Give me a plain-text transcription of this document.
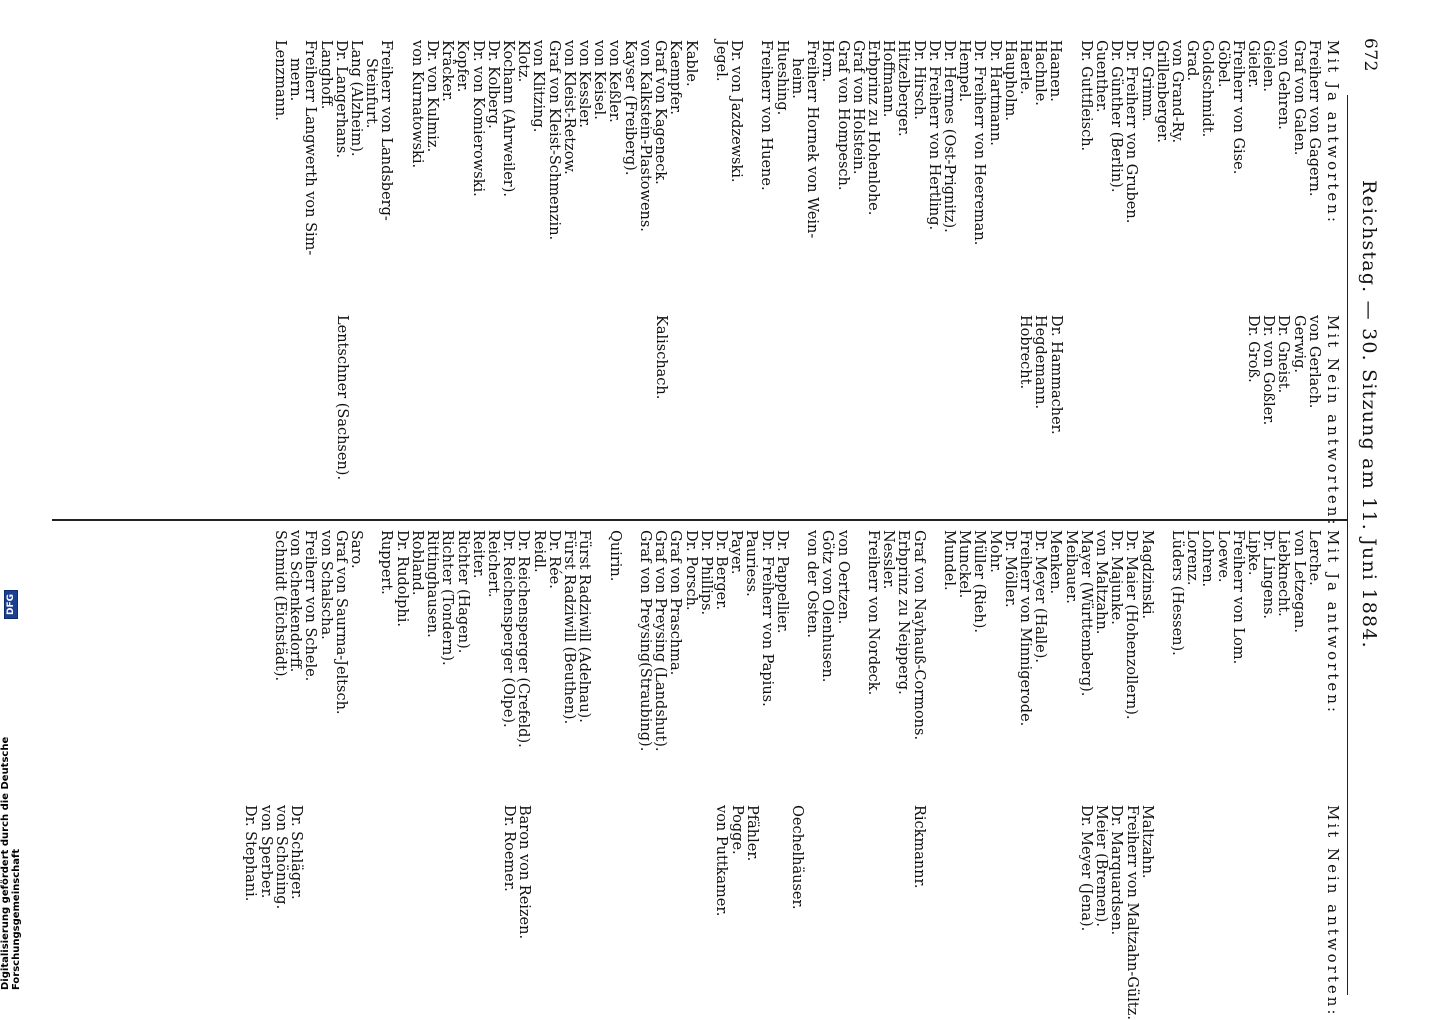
672
Reichstag. — 30. Sitzung am 11. Juni 1884.
Mit Ja antworten:
Freiherr von Gagern.
Graf von Galen.
von Gehren.
Gielen.
Gieler.
Freiherr von Gise.
Göbel.
Goldschmidt.
Grad.
von Grand-Ry.
Grillenberger.
Dr. Grimm.
Dr. Freiherr von Gruben.
Dr. Günther (Berlin).
Guenther.
Dr. Guttfleisch.
Haanen.
Hachnle.
Haerle.
Haupholm.
Dr. Hartmann.
Dr. Freiherr von Heereman.
Hempel.
Dr. Hermes (Ost-Prignitz).
Dr. Freiherr von Hertling.
Dr. Hirsch.
Hitzelberger.
Hoffmann.
Erbprinz zu Hohenlohe.
Graf von Holstein.
Graf von Hompesch.
Horn.
Freiherr Hornek von Wein-
heim.
Hueshing.
Freiherr von Huene.
Dr. von Jazdzewski.
Jegel.
Kable.
Kaempfer.
Graf von Kageneck.
von Kalkstein-Plastowens.
Kayser (Freiberg).
von Keßler.
von Keisel.
von Kessler.
von Kleist-Retzow.
Graf von Kleist-Schmenzin.
von Klitzing.
Klotz.
Kochann (Ahrweiler).
Dr. Kolberg.
Dr. von Komierowski.
Kopfer.
Kräcker.
Dr. von Kulmiz.
von Kurnatowski.
Freiherr von Landsberg-
Steinfurt.
Lang (Alzheim).
Dr. Langerhans.
Langhoff.
Freiherr Langwerth von Sim-
mern.
Lenzmann.
Mit Nein antworten:
von Gerlach.
Gerwig.
Dr. Gneist.
Dr. von Goßler.
Dr. Groß.
Dr. Hammacher.
Hegdemann.
Hobrecht.
Kalischach.
Lentschner (Sachsen).
Mit Ja antworten:
Lerche.
von Letzegan.
Liebknecht.
Dr. Lingens.
Lipke.
Freiherr von Lom.
Loewe.
Lohren.
Lorenz.
Lüders (Hessen).
Magdzinski.
Dr. Maier (Hohenzollern).
Dr. Majunke.
von Maltzahn.
Mayer (Württemberg).
Meibauer.
Menken.
Dr. Meyer (Halle).
Freiherr von Minnigerode.
Dr. Möller.
Mohr.
Müller (Rieh).
Munckel.
Mundel.
Graf von Nayhauß-Cormons.
Erbprinz zu Neipperg.
Nessler.
Freiherr von Nordeck.
von Oertzen.
Götz von Olenhusen.
von der Osten.
Dr. Pappellier.
Dr. Freiherr von Papius.
Pauriess.
Payer.
Dr. Berger.
Dr. Phillips.
Dr. Porsch.
Graf von Praschma.
Graf von Preysing (Landshut).
Graf von Preysing(Straubing).
Quirin.
Fürst Radziwill (Adelnau).
Fürst Radziwill (Beuthen).
Dr. Rée.
Reidl.
Dr. Reichensperger (Crefeld).
Dr. Reichensperger (Olpe).
Reichert.
Reiter.
Richter (Hagen).
Richter (Tondern).
Rittinghausen.
Robland.
Dr. Rudolphi.
Ruppert.
Saro.
Graf von Saurma-Jeltsch.
von Schalscha.
Freiherr von Schele.
von Schenkendorff.
Schmidt (Eichstädt).
Mit Nein antworten:
Maltzahn.
Freiherr von Maltzahn-Gültz.
Dr. Marquardsen.
Meier (Bremen).
Dr. Meyer (Jena).
Rickmannr.
Oechelhäuser.
Pfähler.
Pogge.
von Puttkamer.
Baron von Reizen.
Dr. Roemer.
Dr. Schläger.
von Schöning.
von Sperber.
Dr. Stephani.
Digitalisierung gefördert durch die Deutsche Forschungsgemeinschaft
DFG
